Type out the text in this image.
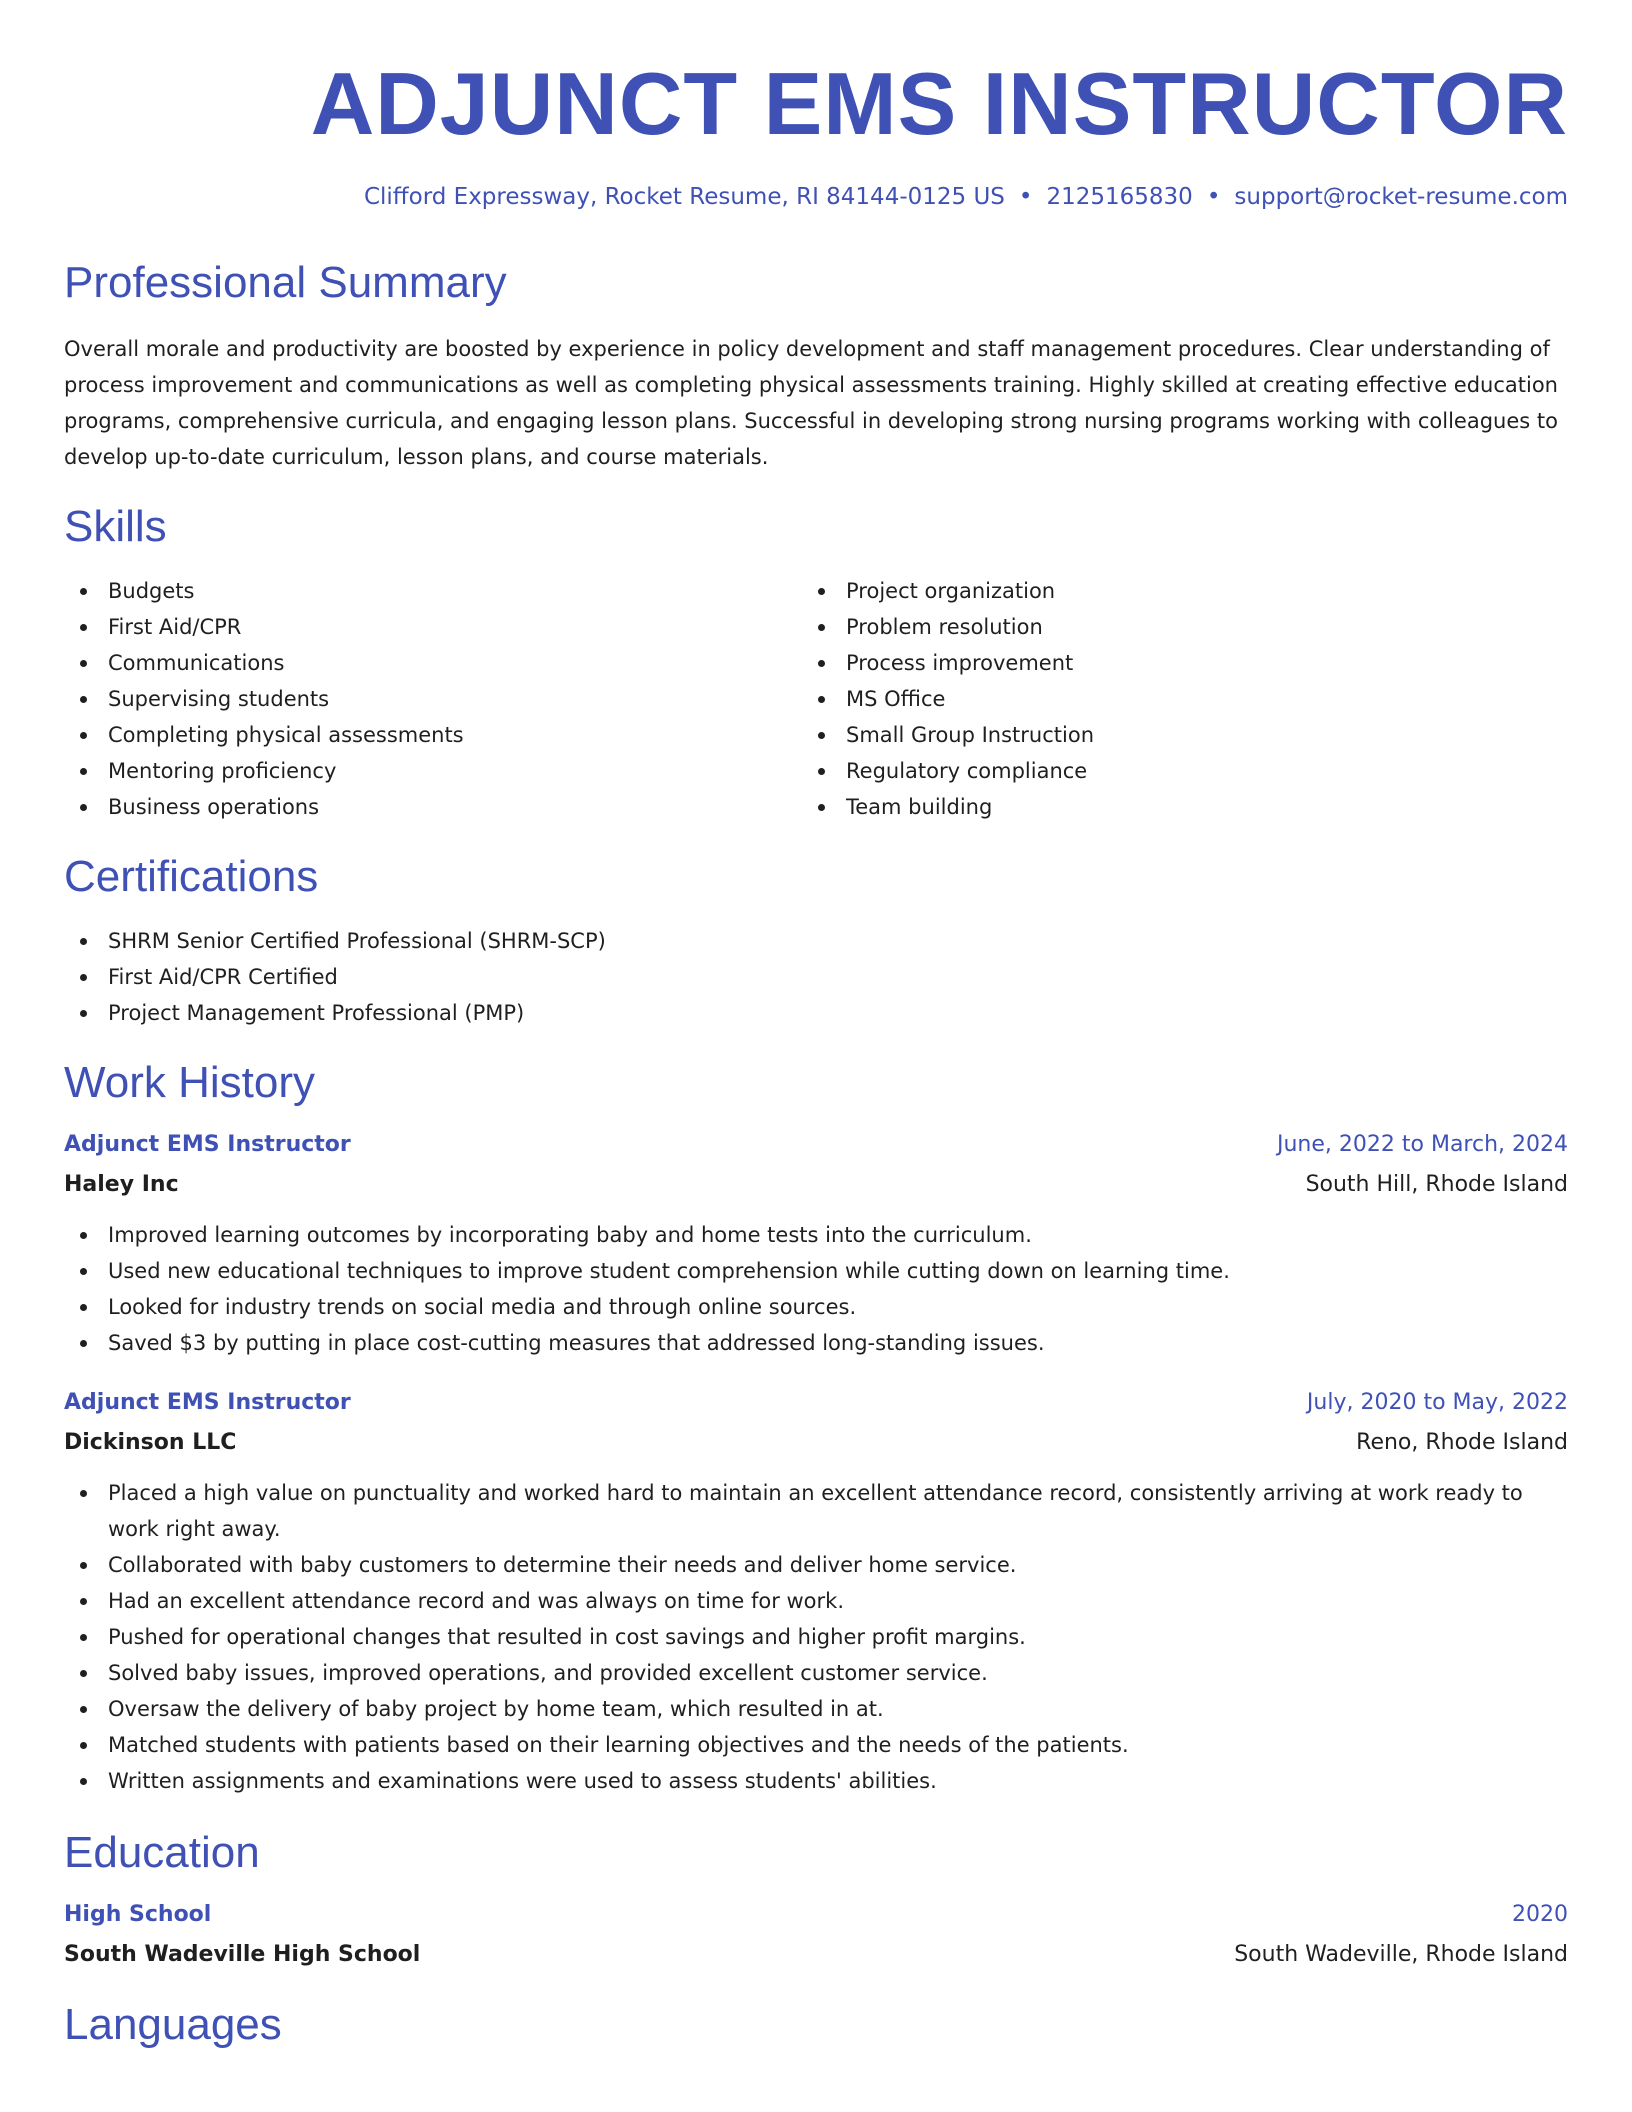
ADJUNCT EMS INSTRUCTOR
Clifford Expressway, Rocket Resume, RI 84144-0125 US • 2125165830 • support@rocket-resume.com
Professional Summary

Overall morale and productivity are boosted by experience in policy development and staff management procedures. Clear understanding of process improvement and communications as well as completing physical assessments training. Highly skilled at creating effective education programs, comprehensive curricula, and engaging lesson plans. Successful in developing strong nursing programs working with colleagues to develop up-to-date curriculum, lesson plans, and course materials.

Skills
Budgets
First Aid/CPR
Communications
Supervising students
Completing physical assessments
Mentoring proficiency
Business operations
Project organization
Problem resolution
Process improvement
MS Office
Small Group Instruction
Regulatory compliance
Team building
Certifications
SHRM Senior Certified Professional (SHRM-SCP)
First Aid/CPR Certified
Project Management Professional (PMP)
Work History
Adjunct EMS Instructor	June, 2022 to March, 2024
Haley Inc	South Hill, Rhode Island
Improved learning outcomes by incorporating baby and home tests into the curriculum.
Used new educational techniques to improve student comprehension while cutting down on learning time.
Looked for industry trends on social media and through online sources.
Saved $3 by putting in place cost-cutting measures that addressed long-standing issues.
Adjunct EMS Instructor	July, 2020 to May, 2022
Dickinson LLC	Reno, Rhode Island
Placed a high value on punctuality and worked hard to maintain an excellent attendance record, consistently arriving at work ready to work right away.
Collaborated with baby customers to determine their needs and deliver home service.
Had an excellent attendance record and was always on time for work.
Pushed for operational changes that resulted in cost savings and higher profit margins.
Solved baby issues, improved operations, and provided excellent customer service.
Oversaw the delivery of baby project by home team, which resulted in at.
Matched students with patients based on their learning objectives and the needs of the patients.
Written assignments and examinations were used to assess students' abilities.
Education
High School	2020
South Wadeville High School	South Wadeville, Rhode Island
Languages
